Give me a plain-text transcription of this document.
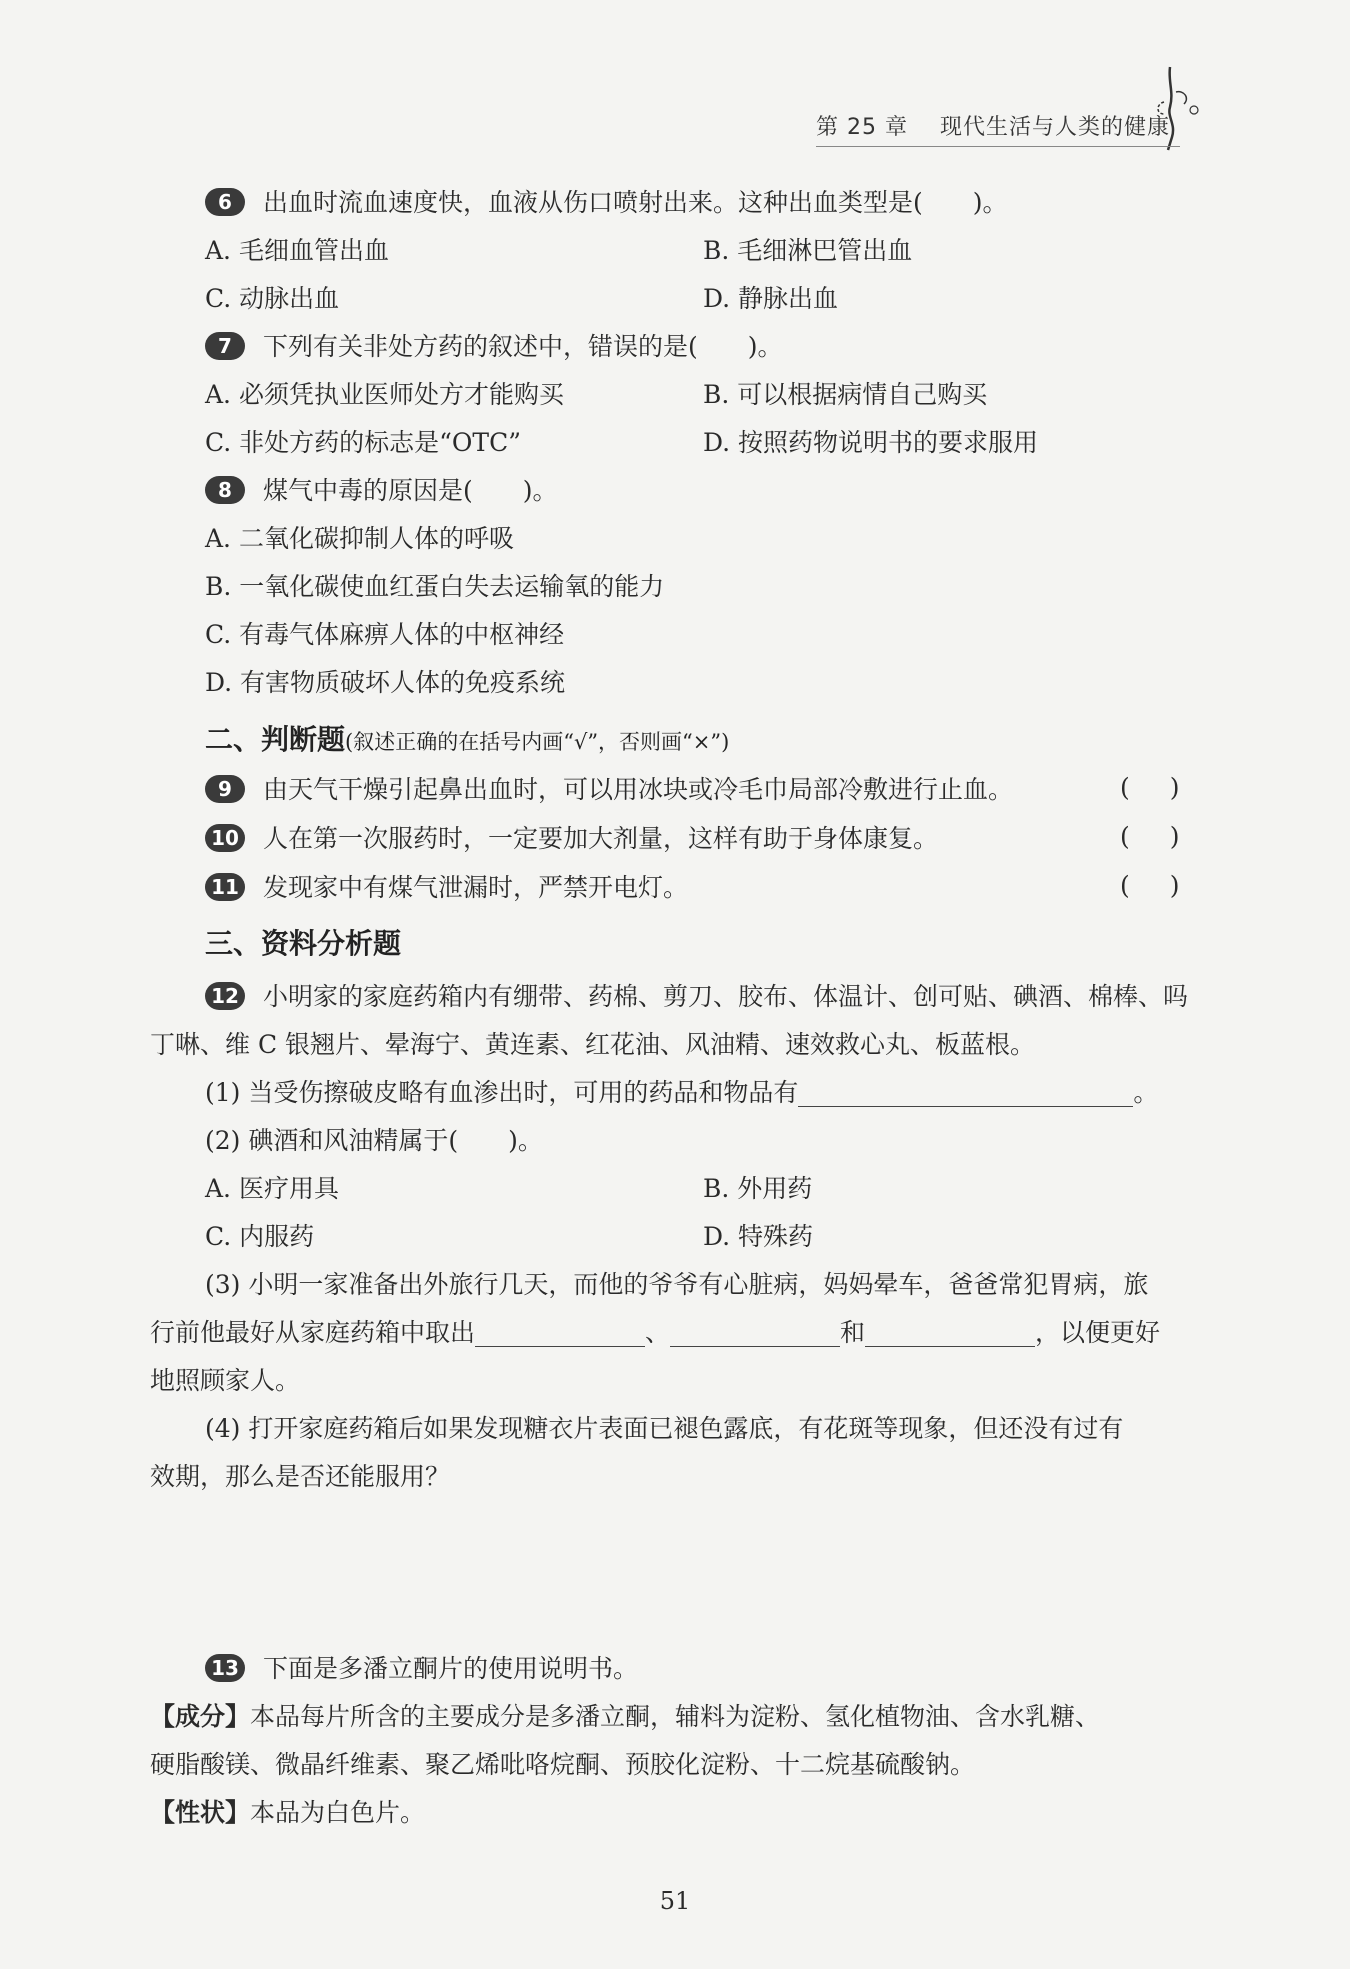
第 25 章 现代生活与人类的健康
6 出血时流血速度快，血液从伤口喷射出来。这种出血类型是(　　)。
A. 毛细血管出血	B. 毛细淋巴管出血
C. 动脉出血	D. 静脉出血
7 下列有关非处方药的叙述中，错误的是(　　)。
A. 必须凭执业医师处方才能购买	B. 可以根据病情自己购买
C. 非处方药的标志是“OTC”	D. 按照药物说明书的要求服用
8 煤气中毒的原因是(　　)。
A. 二氧化碳抑制人体的呼吸
B. 一氧化碳使血红蛋白失去运输氧的能力
C. 有毒气体麻痹人体的中枢神经
D. 有害物质破坏人体的免疫系统
二、判断题(叙述正确的在括号内画“√”，否则画“×”)
9 由天气干燥引起鼻出血时，可以用冰块或冷毛巾局部冷敷进行止血。	()
10 人在第一次服药时，一定要加大剂量，这样有助于身体康复。	()
11 发现家中有煤气泄漏时，严禁开电灯。	()
三、资料分析题
12 小明家的家庭药箱内有绷带、药棉、剪刀、胶布、体温计、创可贴、碘酒、棉棒、吗
丁啉、维 C 银翘片、晕海宁、黄连素、红花油、风油精、速效救心丸、板蓝根。
(1) 当受伤擦破皮略有血渗出时，可用的药品和物品有	。
(2) 碘酒和风油精属于(　　)。
A. 医疗用具	B. 外用药
C. 内服药	D. 特殊药
(3) 小明一家准备出外旅行几天，而他的爷爷有心脏病，妈妈晕车，爸爸常犯胃病，旅
行前他最好从家庭药箱中取出	、	和	，以便更好
地照顾家人。
(4) 打开家庭药箱后如果发现糖衣片表面已褪色露底，有花斑等现象，但还没有过有
效期，那么是否还能服用？
13 下面是多潘立酮片的使用说明书。
【成分】本品每片所含的主要成分是多潘立酮，辅料为淀粉、氢化植物油、含水乳糖、
硬脂酸镁、微晶纤维素、聚乙烯吡咯烷酮、预胶化淀粉、十二烷基硫酸钠。
【性状】本品为白色片。
51
